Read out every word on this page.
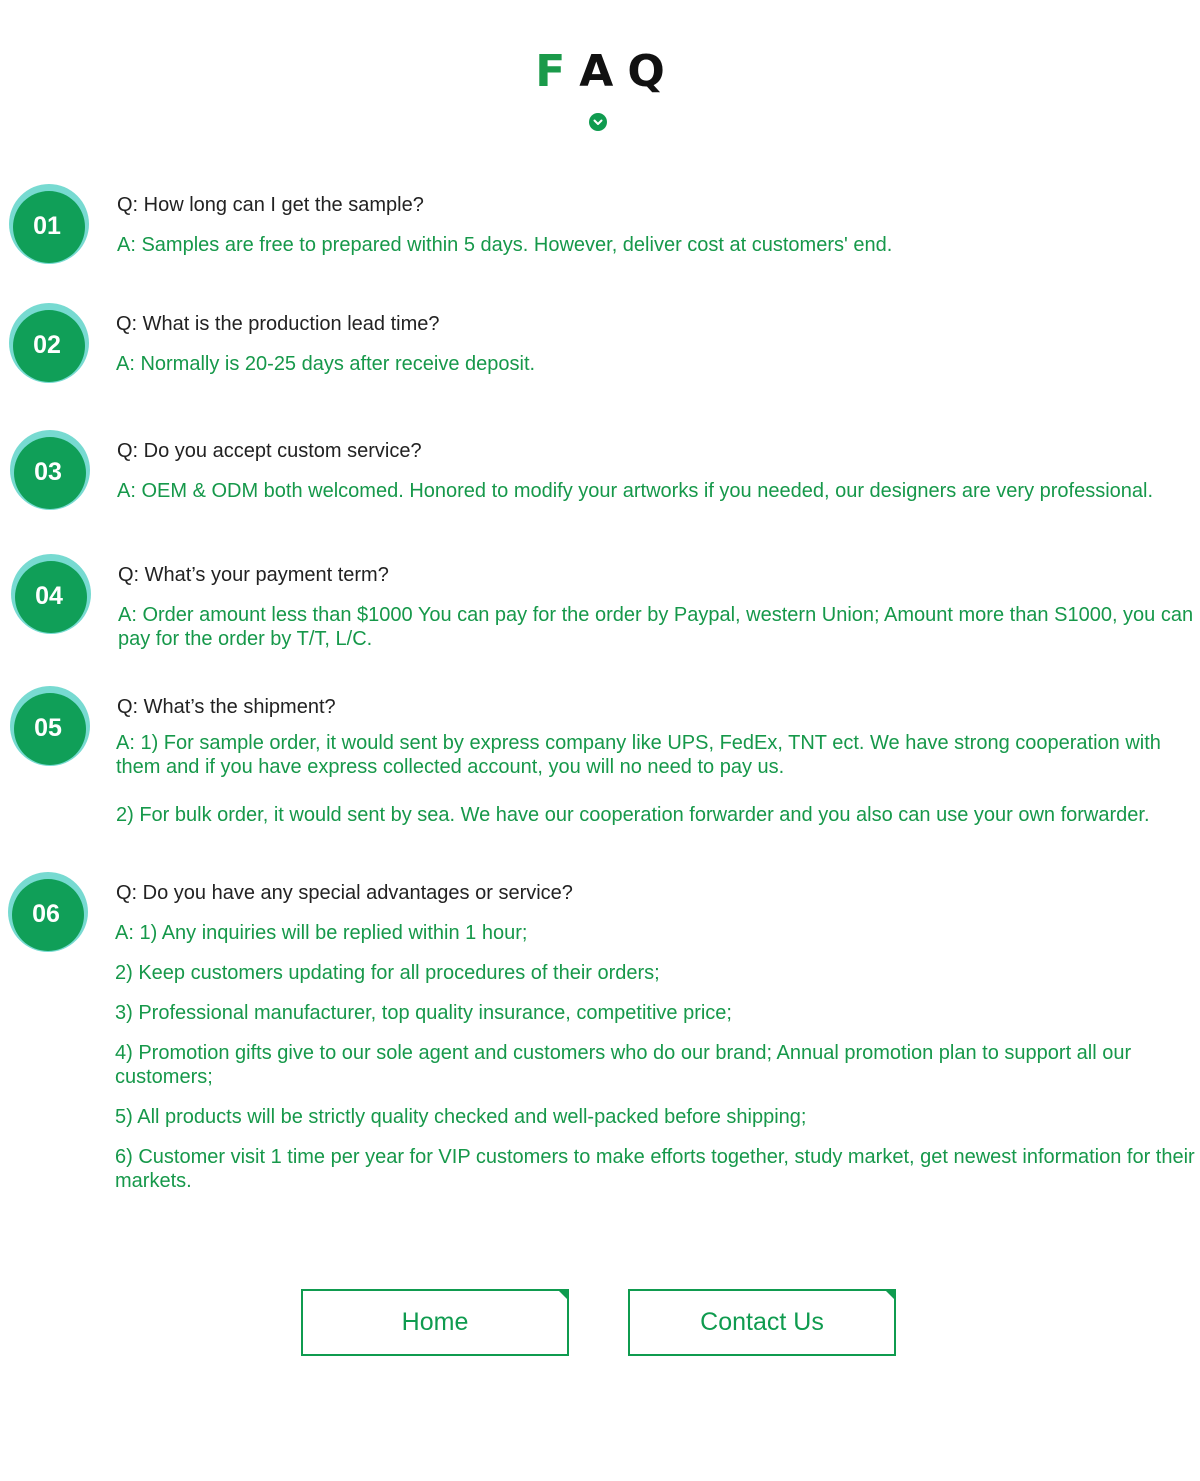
F A Q
01
Q: How long can I get the sample?
A: Samples are free to prepared within 5 days. However, deliver cost at customers' end.
02
Q: What is the production lead time?
A: Normally is 20-25 days after receive deposit.
03
Q: Do you accept custom service?
A: OEM & ODM both welcomed. Honored to modify your artworks if you needed, our designers are very professional.
04
Q: What’s your payment term?
A: Order amount less than $1000 You can pay for the order by Paypal, western Union; Amount more than S1000, you can pay for the order by T/T, L/C.
05
Q: What’s the shipment?
A: 1) For sample order, it would sent by express company like UPS, FedEx, TNT ect. We have strong cooperation with them and if you have express collected account, you will no need to pay us.
2) For bulk order, it would sent by sea. We have our cooperation forwarder and you also can use your own forwarder.
06
Q: Do you have any special advantages or service?
A: 1) Any inquiries will be replied within 1 hour;
2) Keep customers updating for all procedures of their orders;
3) Professional manufacturer, top quality insurance, competitive price;
4) Promotion gifts give to our sole agent and customers who do our brand; Annual promotion plan to support all our customers;
5) All products will be strictly quality checked and well-packed before shipping;
6) Customer visit 1 time per year for VIP customers to make efforts together, study market, get newest information for their markets.
Home	Contact Us
